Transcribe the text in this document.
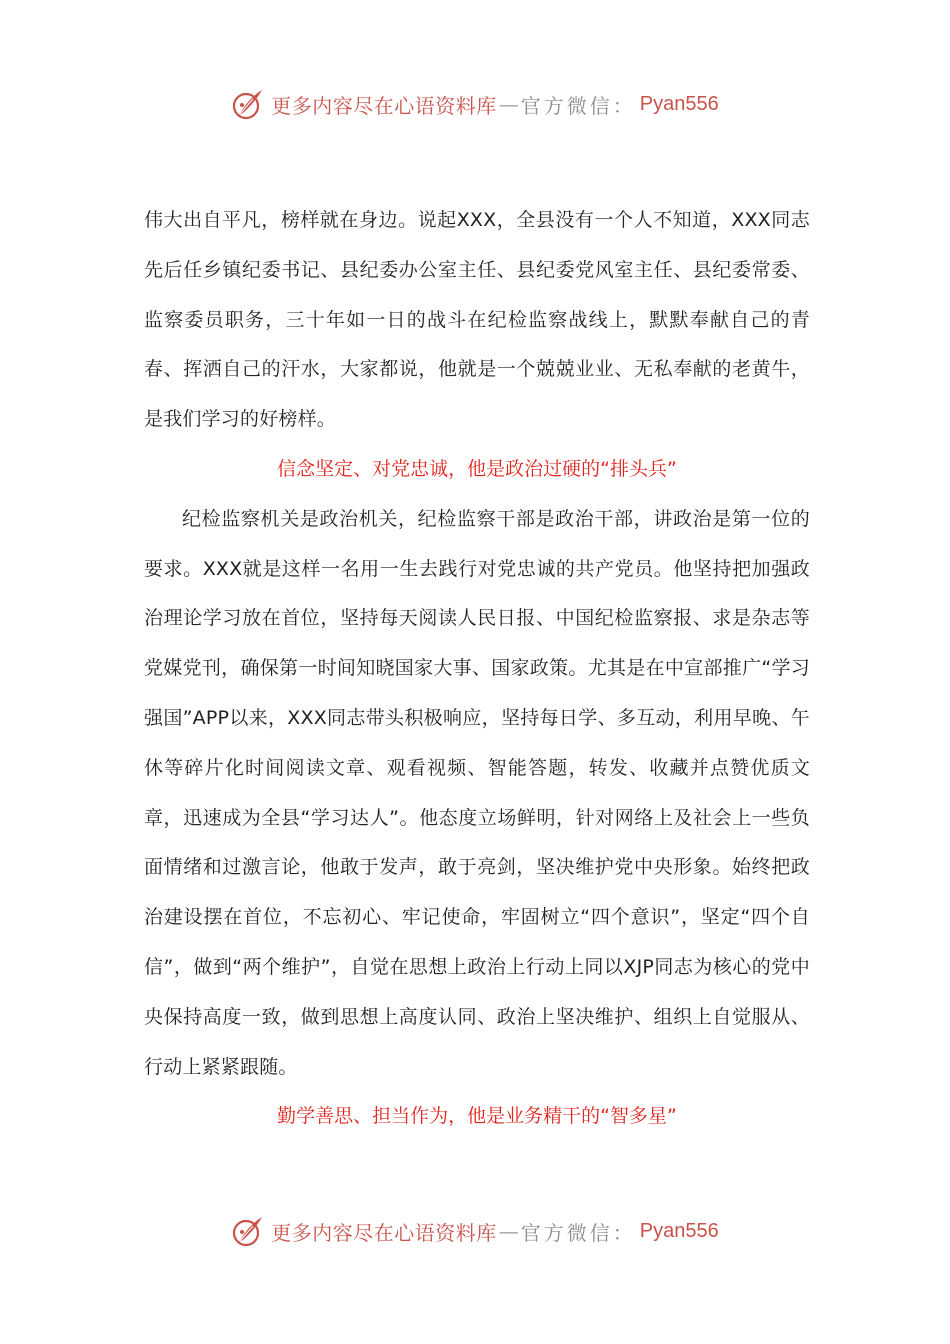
更多内容尽在心语资料库 — 官方微信： Pyan556

伟大出自平凡，榜样就在身边。说起XXX，全县没有一个人不知道，XXX同志先后任乡镇纪委书记、县纪委办公室主任、县纪委党风室主任、县纪委常委、监察委员职务，三十年如一日的战斗在纪检监察战线上，默默奉献自己的青春、挥洒自己的汗水，大家都说，他就是一个兢兢业业、无私奉献的老黄牛，是我们学习的好榜样。

信念坚定、对党忠诚，他是政治过硬的“排头兵”

纪检监察机关是政治机关，纪检监察干部是政治干部，讲政治是第一位的要求。XXX就是这样一名用一生去践行对党忠诚的共产党员。他坚持把加强政治理论学习放在首位，坚持每天阅读人民日报、中国纪检监察报、求是杂志等党媒党刊，确保第一时间知晓国家大事、国家政策。尤其是在中宣部推广“学习强国”APP以来，XXX同志带头积极响应，坚持每日学、多互动，利用早晚、午休等碎片化时间阅读文章、观看视频、智能答题，转发、收藏并点赞优质文章，迅速成为全县“学习达人”。他态度立场鲜明，针对网络上及社会上一些负面情绪和过激言论，他敢于发声，敢于亮剑，坚决维护党中央形象。始终把政治建设摆在首位，不忘初心、牢记使命，牢固树立“四个意识”，坚定“四个自信”，做到“两个维护”，自觉在思想上政治上行动上同以XJP同志为核心的党中央保持高度一致，做到思想上高度认同、政治上坚决维护、组织上自觉服从、行动上紧紧跟随。

勤学善思、担当作为，他是业务精干的“智多星”

更多内容尽在心语资料库 — 官方微信： Pyan556
